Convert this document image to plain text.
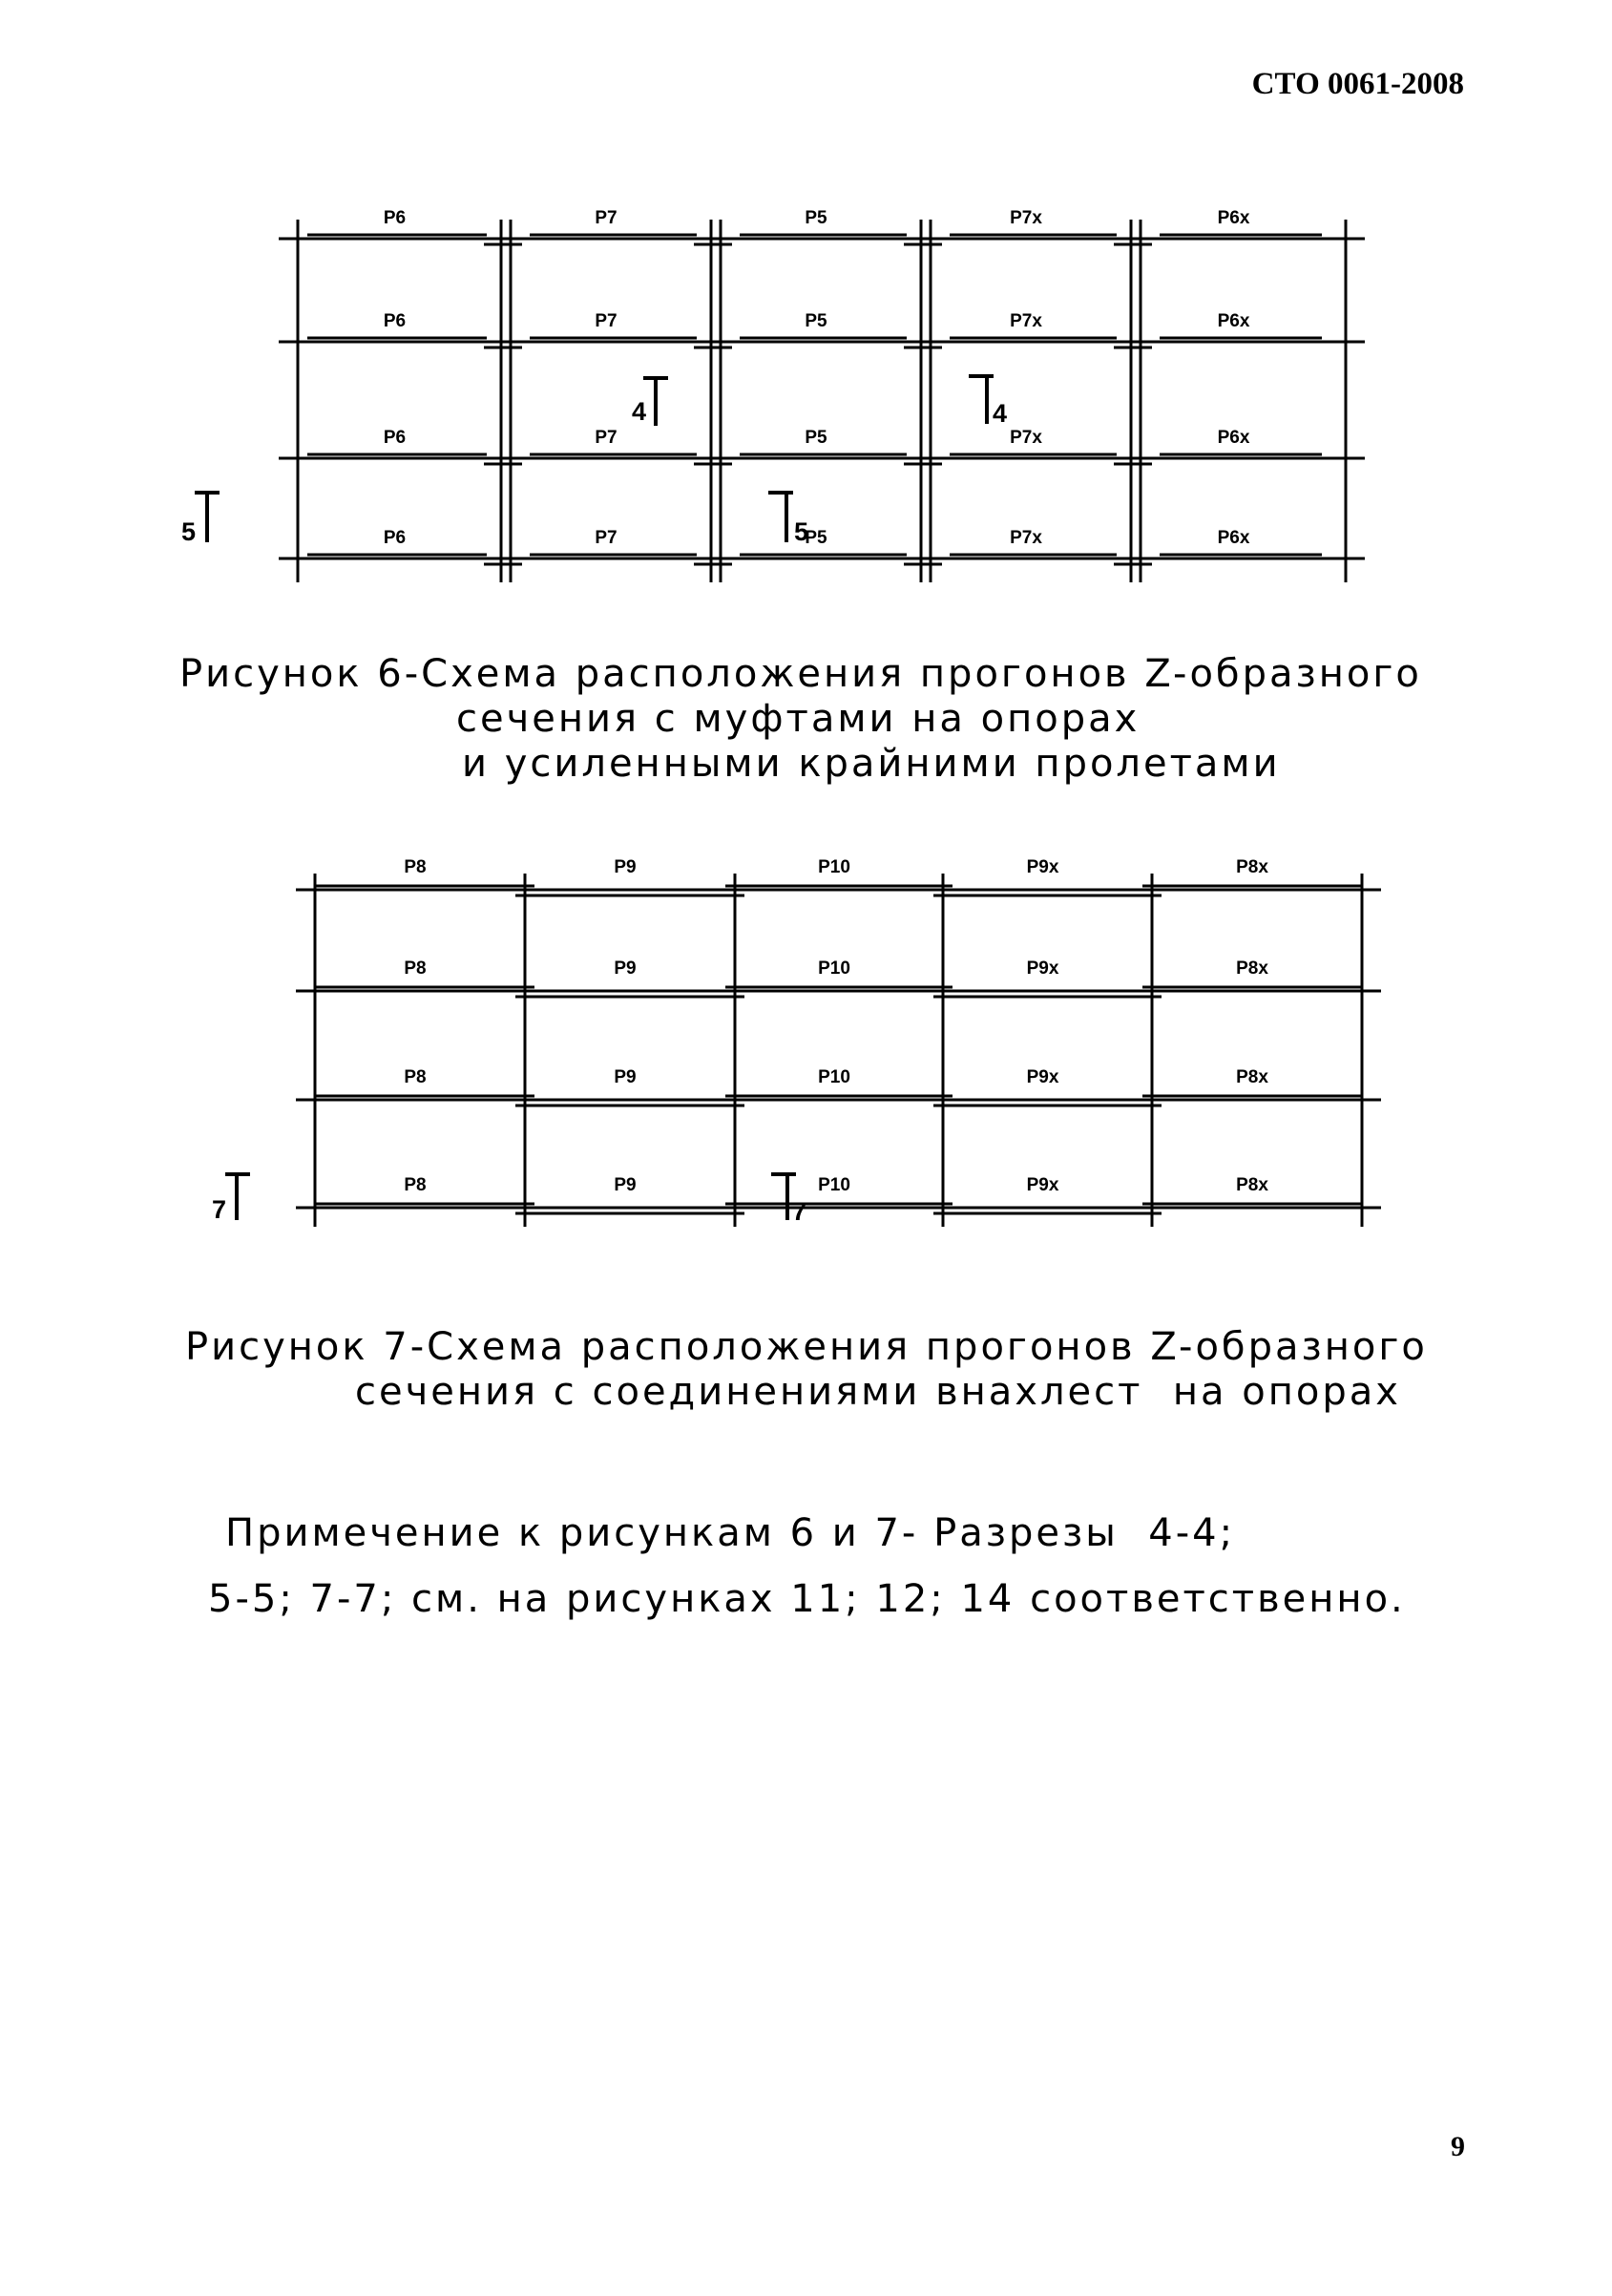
СТО 0061-2008
Р6	Р7	Р5	Р7х	Р6х
Р6	Р7	Р5	Р7х	Р6х
Р6	Р7	Р5	Р7х	Р6х
Р6	Р7	Р5	Р7х	Р6х
4	4
5	5
Рисунок 6-Схема расположения прогонов Z-образного
сечения с муфтами на опорах
и усиленными крайними пролетами
Р8	Р9	Р10	Р9х	Р8х
Р8	Р9	Р10	Р9х	Р8х
Р8	Р9	Р10	Р9х	Р8х
Р8	Р9	Р10	Р9х	Р8х
7	7
Рисунок 7-Схема расположения прогонов Z-образного
сечения с соединениями внахлест  на опорах
Примечение к рисункам 6 и 7- Разрезы  4-4;
5-5; 7-7; см. на рисунках 11; 12; 14 соответственно.
9
